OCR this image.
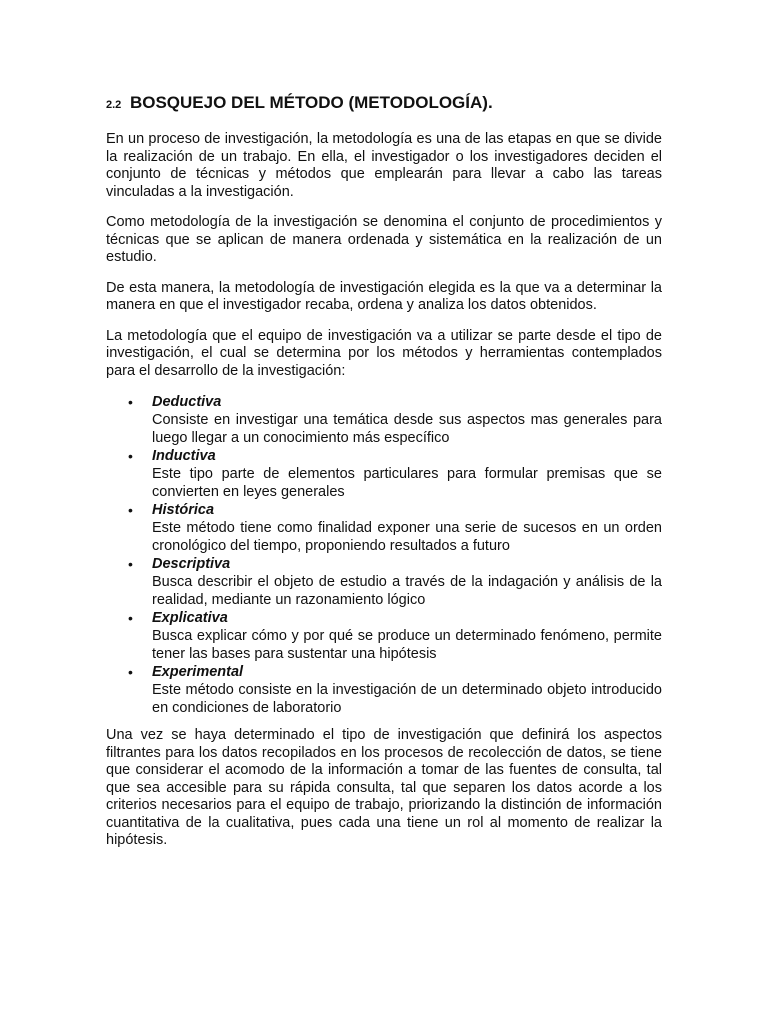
2.2 BOSQUEJO DEL MÉTODO (METODOLOGÍA).

En un proceso de investigación, la metodología es una de las etapas en que se divide la realización de un trabajo. En ella, el investigador o los investigadores deciden el conjunto de técnicas y métodos que emplearán para llevar a cabo las tareas vinculadas a la investigación.

Como metodología de la investigación se denomina el conjunto de procedimientos y técnicas que se aplican de manera ordenada y sistemática en la realización de un estudio.

De esta manera, la metodología de investigación elegida es la que va a determinar la manera en que el investigador recaba, ordena y analiza los datos obtenidos.

La metodología que el equipo de investigación va a utilizar se parte desde el tipo de investigación, el cual se determina por los métodos y herramientas contemplados para el desarrollo de la investigación:

• Deductiva
Consiste en investigar una temática desde sus aspectos mas generales para luego llegar a un conocimiento más específico
• Inductiva
Este tipo parte de elementos particulares para formular premisas que se convierten en leyes generales
• Histórica
Este método tiene como finalidad exponer una serie de sucesos en un orden cronológico del tiempo, proponiendo resultados a futuro
• Descriptiva
Busca describir el objeto de estudio a través de la indagación y análisis de la realidad, mediante un razonamiento lógico
• Explicativa
Busca explicar cómo y por qué se produce un determinado fenómeno, permite tener las bases para sustentar una hipótesis
• Experimental
Este método consiste en la investigación de un determinado objeto introducido en condiciones de laboratorio

Una vez se haya determinado el tipo de investigación que definirá los aspectos filtrantes para los datos recopilados en los procesos de recolección de datos, se tiene que considerar el acomodo de la información a tomar de las fuentes de consulta, tal que sea accesible para su rápida consulta, tal que separen los datos acorde a los criterios necesarios para el equipo de trabajo, priorizando la distinción de información cuantitativa de la cualitativa, pues cada una tiene un rol al momento de realizar la hipótesis.
